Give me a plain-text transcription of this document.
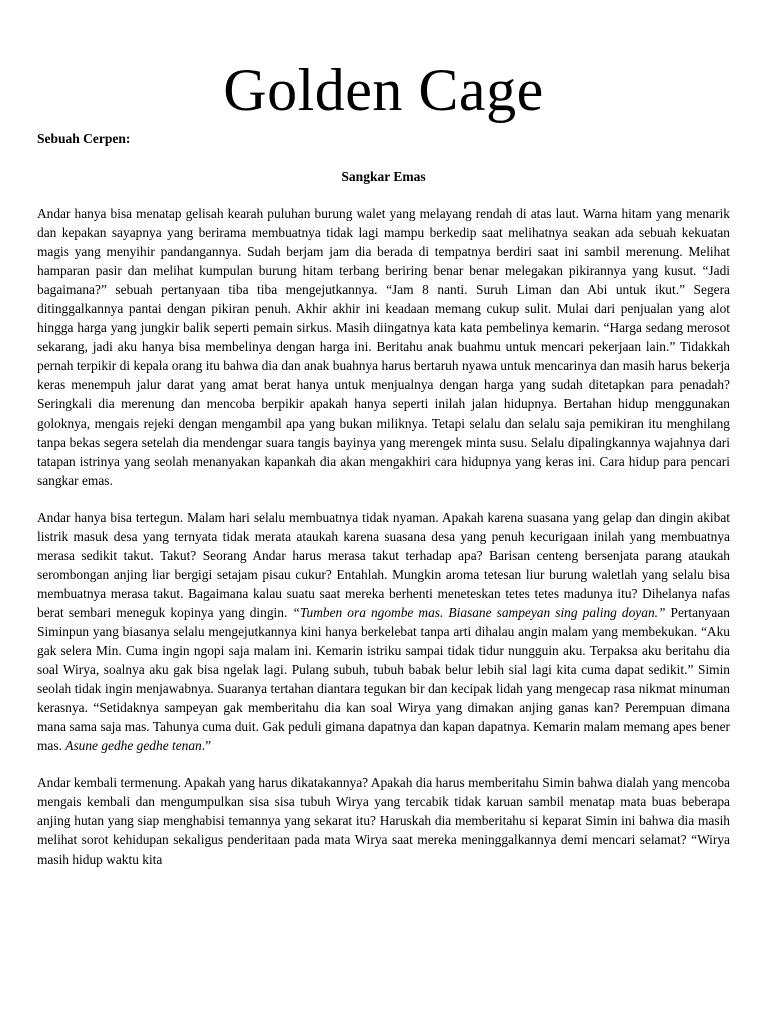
Golden Cage
Sebuah Cerpen:
Sangkar Emas

Andar hanya bisa menatap gelisah kearah puluhan burung walet yang melayang rendah di atas laut. Warna hitam yang menarik dan kepakan sayapnya yang berirama membuatnya tidak lagi mampu berkedip saat melihatnya seakan ada sebuah kekuatan magis yang menyihir pandangannya. Sudah berjam jam dia berada di tempatnya berdiri saat ini sambil merenung. Melihat hamparan pasir dan melihat kumpulan burung hitam terbang beriring benar benar melegakan pikirannya yang kusut. “Jadi bagaimana?” sebuah pertanyaan tiba tiba mengejutkannya. “Jam 8 nanti. Suruh Liman dan Abi untuk ikut.” Segera ditinggalkannya pantai dengan pikiran penuh. Akhir akhir ini keadaan memang cukup sulit. Mulai dari penjualan yang alot hingga harga yang jungkir balik seperti pemain sirkus. Masih diingatnya kata kata pembelinya kemarin. “Harga sedang merosot sekarang, jadi aku hanya bisa membelinya dengan harga ini. Beritahu anak buahmu untuk mencari pekerjaan lain.” Tidakkah pernah terpikir di kepala orang itu bahwa dia dan anak buahnya harus bertaruh nyawa untuk mencarinya dan masih harus bekerja keras menempuh jalur darat yang amat berat hanya untuk menjualnya dengan harga yang sudah ditetapkan para penadah? Seringkali dia merenung dan mencoba berpikir apakah hanya seperti inilah jalan hidupnya. Bertahan hidup menggunakan goloknya, mengais rejeki dengan mengambil apa yang bukan miliknya. Tetapi selalu dan selalu saja pemikiran itu menghilang tanpa bekas segera setelah dia mendengar suara tangis bayinya yang merengek minta susu. Selalu dipalingkannya wajahnya dari tatapan istrinya yang seolah menanyakan kapankah dia akan mengakhiri cara hidupnya yang keras ini. Cara hidup para pencari sangkar emas.

Andar hanya bisa tertegun. Malam hari selalu membuatnya tidak nyaman. Apakah karena suasana yang gelap dan dingin akibat listrik masuk desa yang ternyata tidak merata ataukah karena suasana desa yang penuh kecurigaan inilah yang membuatnya merasa sedikit takut. Takut? Seorang Andar harus merasa takut terhadap apa? Barisan centeng bersenjata parang ataukah serombongan anjing liar bergigi setajam pisau cukur? Entahlah. Mungkin aroma tetesan liur burung waletlah yang selalu bisa membuatnya merasa takut. Bagaimana kalau suatu saat mereka berhenti meneteskan tetes tetes madunya itu? Dihelanya nafas berat sembari meneguk kopinya yang dingin. “Tumben ora ngombe mas. Biasane sampeyan sing paling doyan.” Pertanyaan Siminpun yang biasanya selalu mengejutkannya kini hanya berkelebat tanpa arti dihalau angin malam yang membekukan. “Aku gak selera Min. Cuma ingin ngopi saja malam ini. Kemarin istriku sampai tidak tidur nungguin aku. Terpaksa aku beritahu dia soal Wirya, soalnya aku gak bisa ngelak lagi. Pulang subuh, tubuh babak belur lebih sial lagi kita cuma dapat sedikit.” Simin seolah tidak ingin menjawabnya. Suaranya tertahan diantara tegukan bir dan kecipak lidah yang mengecap rasa nikmat minuman kerasnya. “Setidaknya sampeyan gak memberitahu dia kan soal Wirya yang dimakan anjing ganas kan? Perempuan dimana mana sama saja mas. Tahunya cuma duit. Gak peduli gimana dapatnya dan kapan dapatnya. Kemarin malam memang apes bener mas. Asune gedhe gedhe tenan.”

Andar kembali termenung. Apakah yang harus dikatakannya? Apakah dia harus memberitahu Simin bahwa dialah yang mencoba mengais kembali dan mengumpulkan sisa sisa tubuh Wirya yang tercabik tidak karuan sambil menatap mata buas beberapa anjing hutan yang siap menghabisi temannya yang sekarat itu? Haruskah dia memberitahu si keparat Simin ini bahwa dia masih melihat sorot kehidupan sekaligus penderitaan pada mata Wirya saat mereka meninggalkannya demi mencari selamat? “Wirya masih hidup waktu kita
